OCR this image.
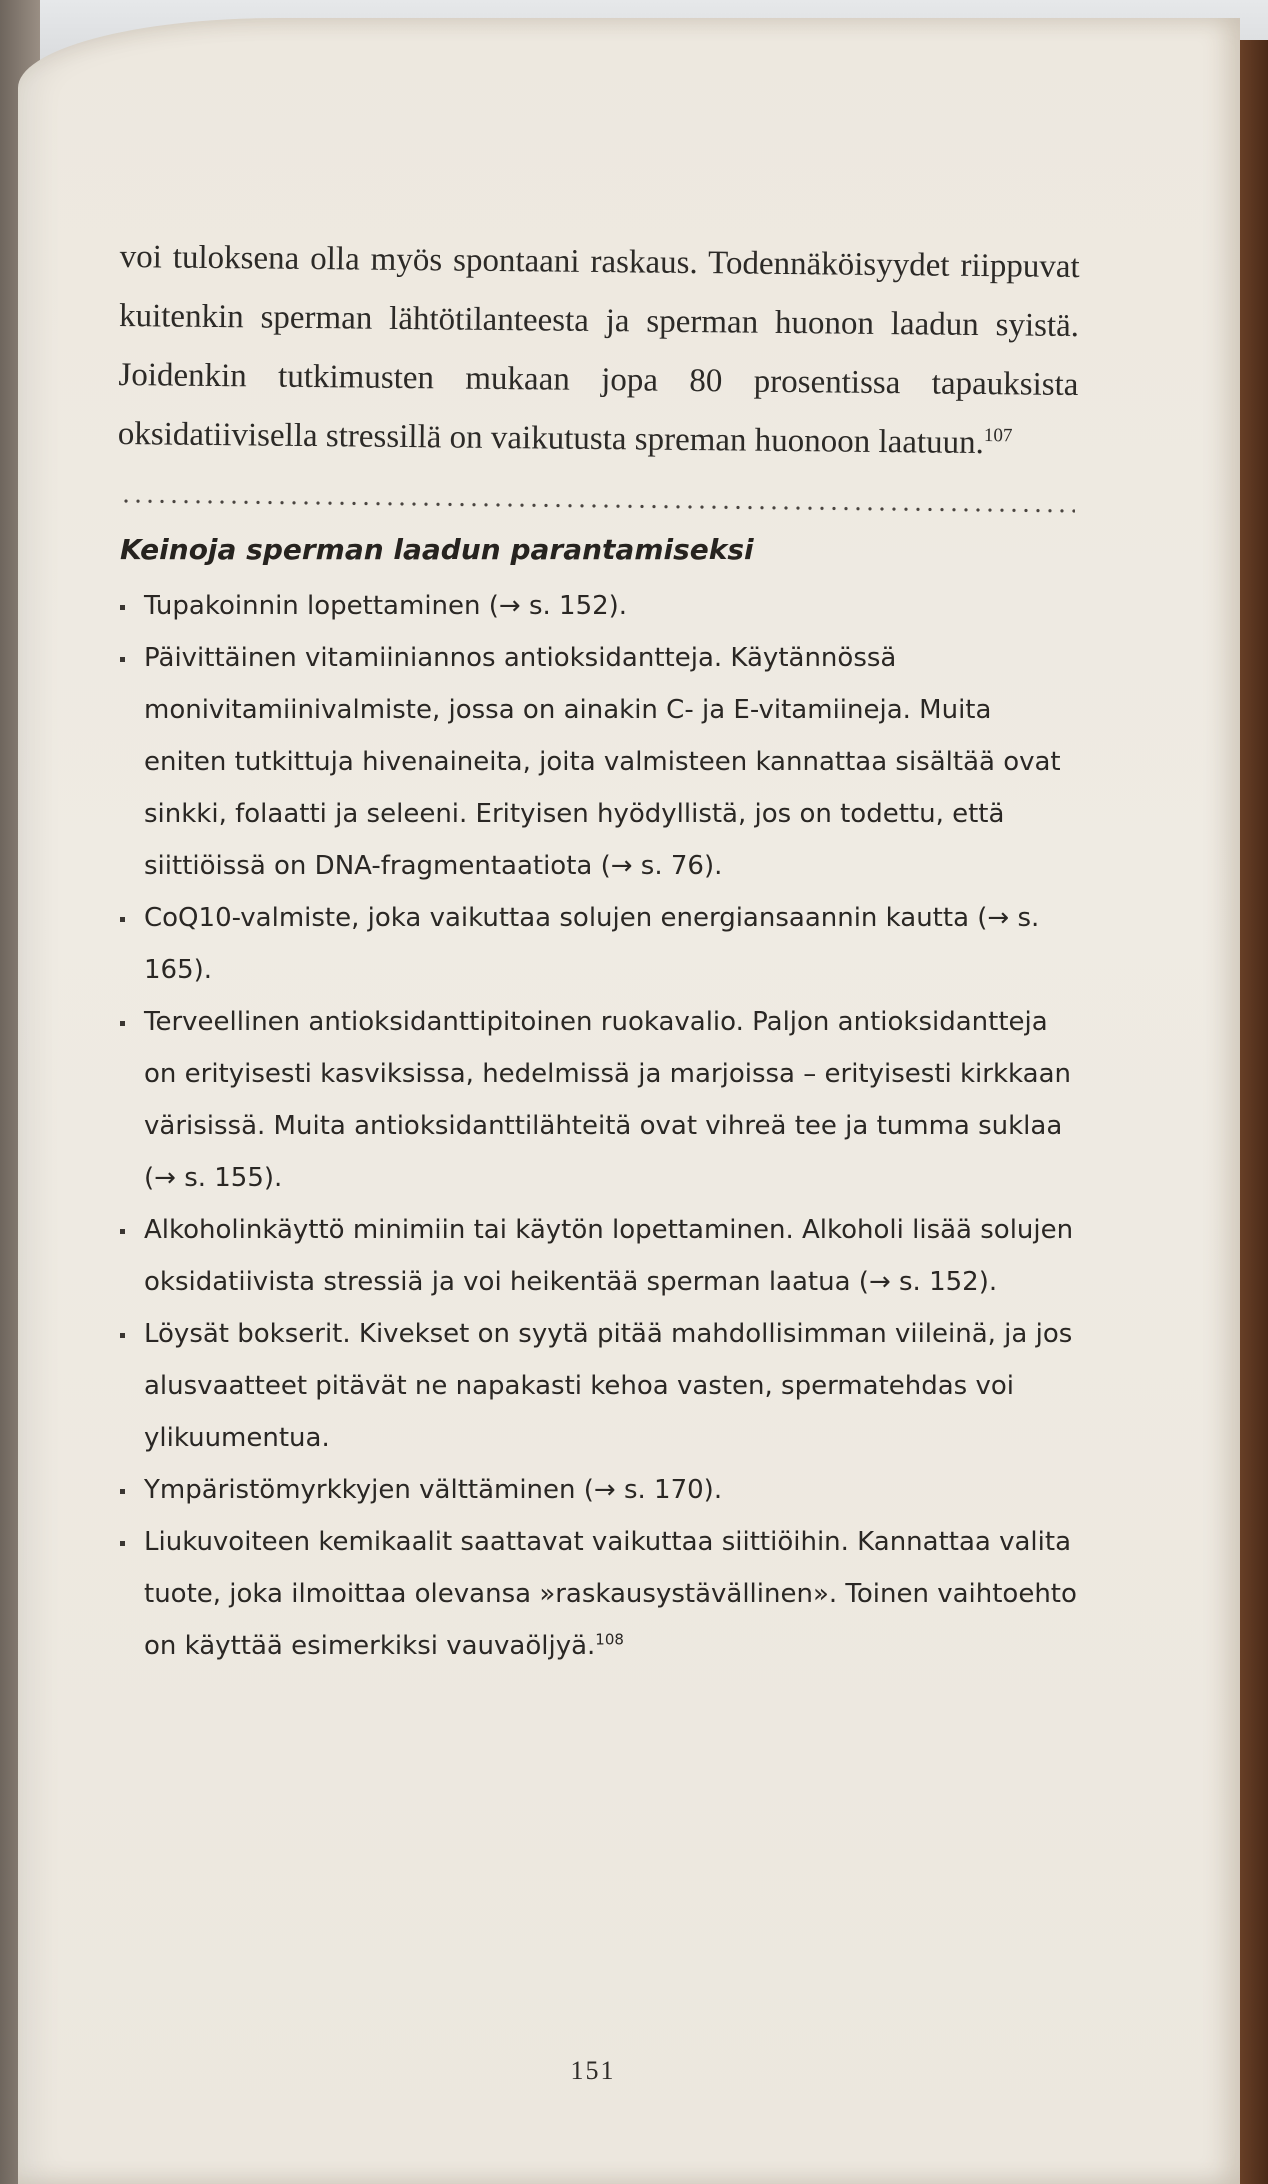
voi tuloksena olla myös spontaani raskaus. Todennäköisyydet riippuvat kuitenkin sperman lähtötilanteesta ja sperman huonon laadun syistä. Joidenkin tutkimusten mukaan jopa 80 prosentissa tapauksista oksidatiivisella stressillä on vaikutusta spreman huonoon laatuun.$^{107}$

Keinoja sperman laadun parantamiseksi
Tupakoinnin lopettaminen (→ s. 152).
Päivittäinen vitamiiniannos antioksidantteja. Käytännössä monivitamiinivalmiste, jossa on ainakin C- ja E-vitamiineja. Muita eniten tutkittuja hivenaineita, joita valmisteen kannattaa sisältää ovat sinkki, folaatti ja seleeni. Erityisen hyödyllistä, jos on todettu, että siittiöissä on DNA-fragmentaatiota (→ s. 76).
CoQ10-valmiste, joka vaikuttaa solujen energiansaannin kautta (→ s. 165).
Terveellinen antioksidanttipitoinen ruokavalio. Paljon antioksidantteja on erityisesti kasviksissa, hedelmissä ja marjoissa – erityisesti kirkkaan värisissä. Muita antioksidanttilähteitä ovat vihreä tee ja tumma suklaa (→ s. 155).
Alkoholinkäyttö minimiin tai käytön lopettaminen. Alkoholi lisää solujen oksidatiivista stressiä ja voi heikentää sperman laatua (→ s. 152).
Löysät bokserit. Kivekset on syytä pitää mahdollisimman viileinä, ja jos alusvaatteet pitävät ne napakasti kehoa vasten, spermatehdas voi ylikuumentua.
Ympäristömyrkkyjen välttäminen (→ s. 170).
Liukuvoiteen kemikaalit saattavat vaikuttaa siittiöihin. Kannattaa valita tuote, joka ilmoittaa olevansa »raskausystävällinen». Toinen vaihtoehto on käyttää esimerkiksi vauvaöljyä.$^{108}$
151
